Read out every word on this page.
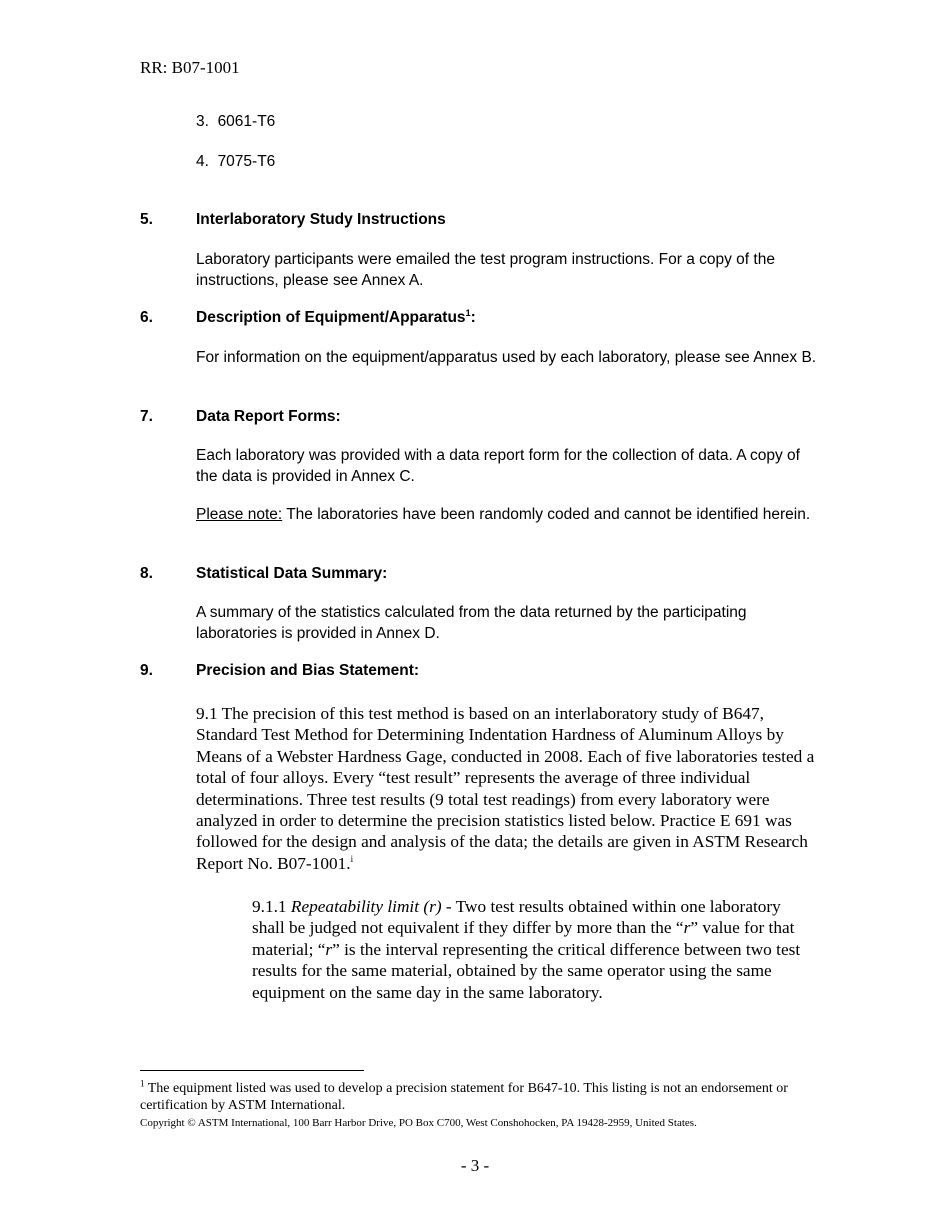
RR: B07-1001
3. 6061-T6
4. 7075-T6
5.	Interlaboratory Study Instructions
Laboratory participants were emailed the test program instructions. For a copy of the instructions, please see Annex A.
6.	Description of Equipment/Apparatus$^1$:
For information on the equipment/apparatus used by each laboratory, please see Annex B.
7.	Data Report Forms:
Each laboratory was provided with a data report form for the collection of data. A copy of the data is provided in Annex C.
Please note: The laboratories have been randomly coded and cannot be identified herein.
8.	Statistical Data Summary:
A summary of the statistics calculated from the data returned by the participating laboratories is provided in Annex D.
9.	Precision and Bias Statement:
9.1 The precision of this test method is based on an interlaboratory study of B647, Standard Test Method for Determining Indentation Hardness of Aluminum Alloys by Means of a Webster Hardness Gage, conducted in 2008. Each of five laboratories tested a total of four alloys. Every “test result” represents the average of three individual determinations. Three test results (9 total test readings) from every laboratory were analyzed in order to determine the precision statistics listed below. Practice E 691 was followed for the design and analysis of the data; the details are given in ASTM Research Report No. B07-1001.$^i$
9.1.1 Repeatability limit (r) - Two test results obtained within one laboratory shall be judged not equivalent if they differ by more than the “r” value for that material; “r” is the interval representing the critical difference between two test results for the same material, obtained by the same operator using the same equipment on the same day in the same laboratory.
$^1$ The equipment listed was used to develop a precision statement for B647-10. This listing is not an endorsement or certification by ASTM International.
Copyright © ASTM International, 100 Barr Harbor Drive, PO Box C700, West Conshohocken, PA 19428-2959, United States.
- 3 -
